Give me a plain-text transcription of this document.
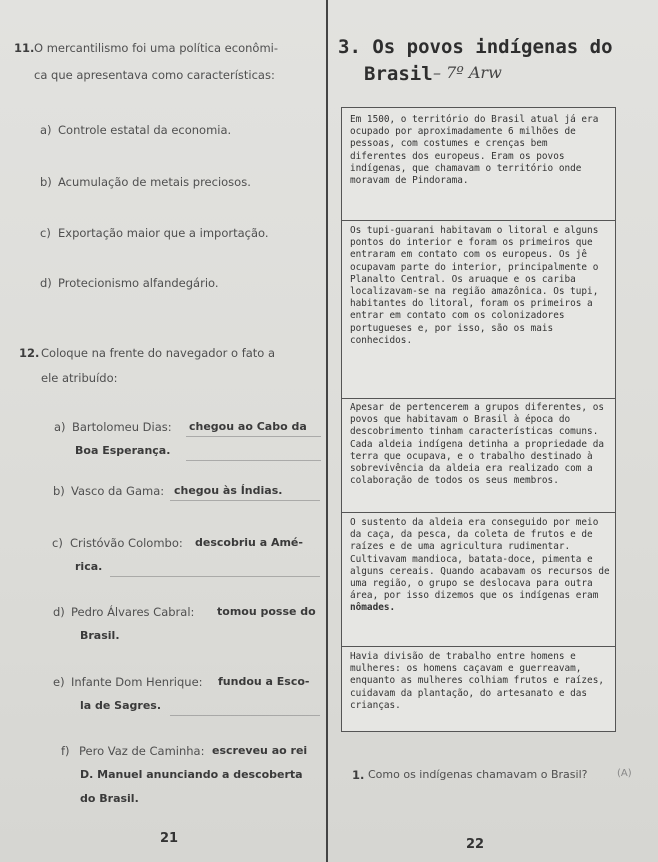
11. O mercantilismo foi uma política econômi-
ca que apresentava como características:
a) Controle estatal da economia.
b) Acumulação de metais preciosos.
c) Exportação maior que a importação.
d) Protecionismo alfandegário.
12. Coloque na frente do navegador o fato a
ele atribuído:
a) Bartolomeu Dias: chegou ao Cabo da
Boa Esperança.
b) Vasco da Gama: chegou às Índias.
c) Cristóvão Colombo: descobriu a Amé-
rica.
d) Pedro Álvares Cabral: tomou posse do
Brasil.
e) Infante Dom Henrique: fundou a Esco-
la de Sagres.
f) Pero Vaz de Caminha: escreveu ao rei
D. Manuel anunciando a descoberta
do Brasil.
21
3. Os povos indígenas do
Brasil – 7º Arw
Em 1500, o território do Brasil atual já era
ocupado por aproximadamente 6 milhões de
pessoas, com costumes e crenças bem
diferentes dos europeus. Eram os povos
indígenas, que chamavam o território onde
moravam de Pindorama.
Os tupi-guarani habitavam o litoral e alguns
pontos do interior e foram os primeiros que
entraram em contato com os europeus. Os jê
ocupavam parte do interior, principalmente o
Planalto Central. Os aruaque e os cariba
localizavam-se na região amazônica. Os tupi,
habitantes do litoral, foram os primeiros a
entrar em contato com os colonizadores
portugueses e, por isso, são os mais
conhecidos.
Apesar de pertencerem a grupos diferentes, os
povos que habitavam o Brasil à época do
descobrimento tinham características comuns.
Cada aldeia indígena detinha a propriedade da
terra que ocupava, e o trabalho destinado à
sobrevivência da aldeia era realizado com a
colaboração de todos os seus membros.
O sustento da aldeia era conseguido por meio
da caça, da pesca, da coleta de frutos e de
raízes e de uma agricultura rudimentar.
Cultivavam mandioca, batata-doce, pimenta e
alguns cereais. Quando acabavam os recursos de
uma região, o grupo se deslocava para outra
área, por isso dizemos que os indígenas eram
nômades.
Havia divisão de trabalho entre homens e
mulheres: os homens caçavam e guerreavam,
enquanto as mulheres colhiam frutos e raízes,
cuidavam da plantação, do artesanato e das
crianças.
1. Como os indígenas chamavam o Brasil?	(A)
22
